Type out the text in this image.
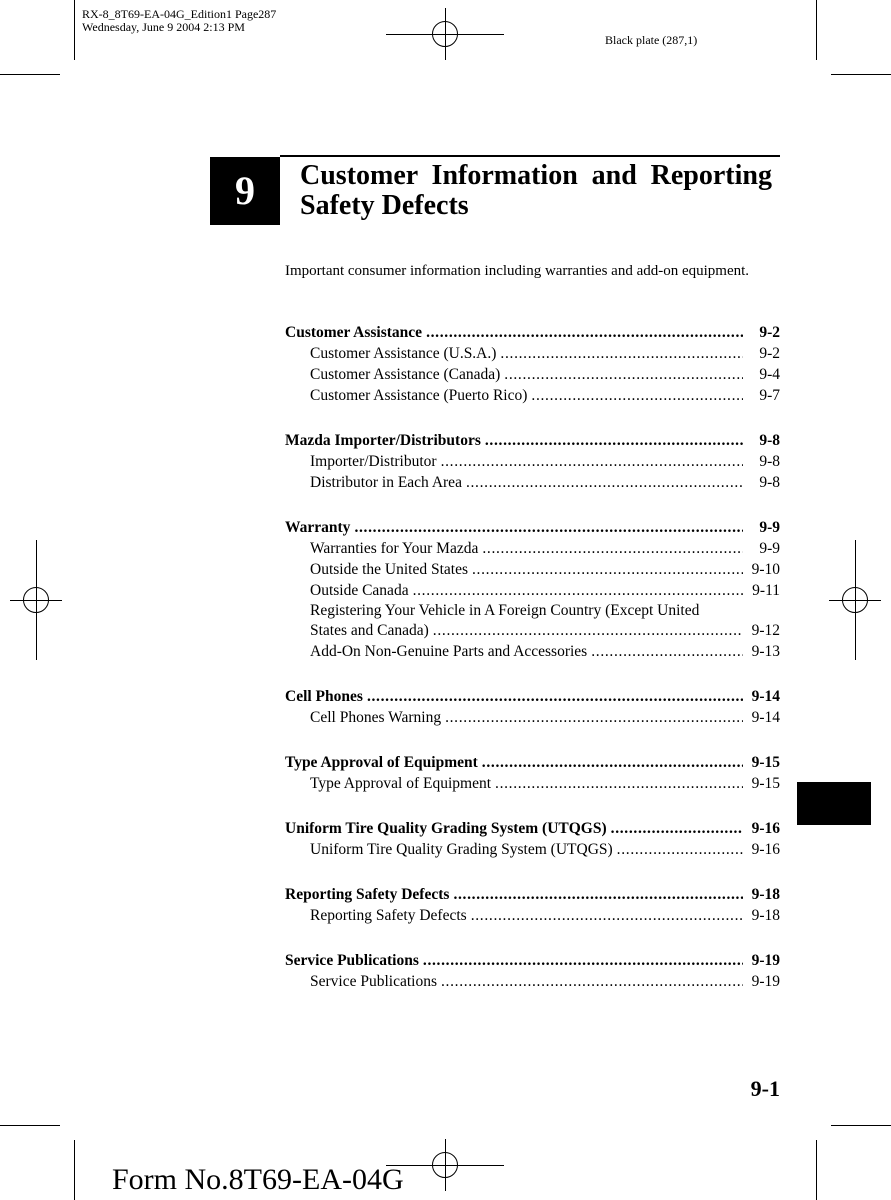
RX-8_8T69-EA-04G_Edition1 Page287
Wednesday, June 9 2004 2:13 PM
Black plate (287,1)
9	Customer Information and Reporting Safety Defects
Important consumer information including warranties and add-on equipment.
Customer Assistance . . .	9-2
Customer Assistance (U.S.A.) . . .	9-2
Customer Assistance (Canada) . . .	9-4
Customer Assistance (Puerto Rico) . . .	9-7
Mazda Importer/Distributors . . .	9-8
Importer/Distributor . . .	9-8
Distributor in Each Area . . .	9-8
Warranty . . .	9-9
Warranties for Your Mazda . . .	9-9
Outside the United States . . .	9-10
Outside Canada . . .	9-11
Registering Your Vehicle in A Foreign Country (Except United
States and Canada) . . .	9-12
Add-On Non-Genuine Parts and Accessories . . .	9-13
Cell Phones . . .	9-14
Cell Phones Warning . . .	9-14
Type Approval of Equipment . . .	9-15
Type Approval of Equipment . . .	9-15
Uniform Tire Quality Grading System (UTQGS) . . .	9-16
Uniform Tire Quality Grading System (UTQGS) . . .	9-16
Reporting Safety Defects . . .	9-18
Reporting Safety Defects . . .	9-18
Service Publications . . .	9-19
Service Publications . . .	9-19
9-1
Form No.8T69-EA-04G
